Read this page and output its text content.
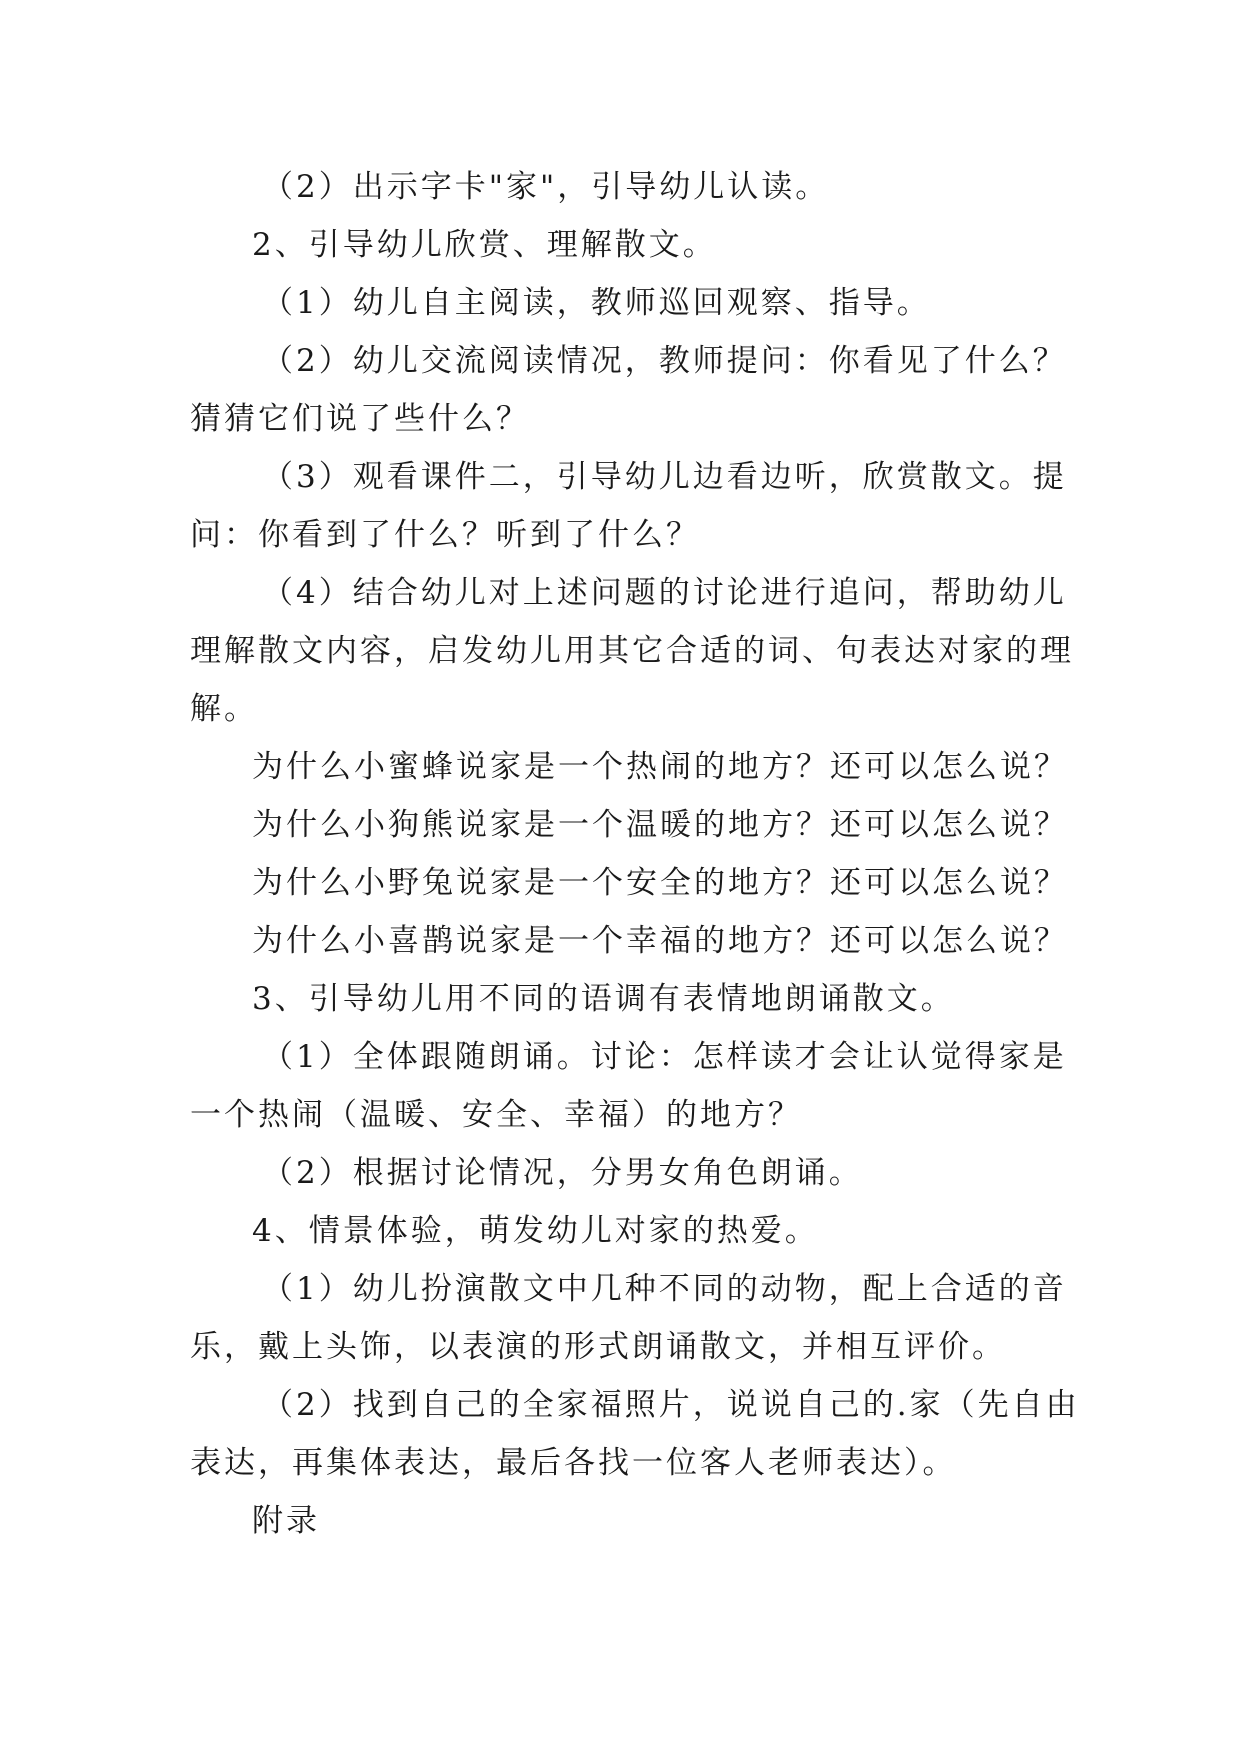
（2）出示字卡"家"，引导幼儿认读。
2、引导幼儿欣赏、理解散文。
（1）幼儿自主阅读，教师巡回观察、指导。
（2）幼儿交流阅读情况，教师提问：你看见了什么？
猜猜它们说了些什么？
（3）观看课件二，引导幼儿边看边听，欣赏散文。提
问：你看到了什么？听到了什么？
（4）结合幼儿对上述问题的讨论进行追问，帮助幼儿
理解散文内容，启发幼儿用其它合适的词、句表达对家的理
解。
为什么小蜜蜂说家是一个热闹的地方？还可以怎么说？
为什么小狗熊说家是一个温暖的地方？还可以怎么说？
为什么小野兔说家是一个安全的地方？还可以怎么说？
为什么小喜鹊说家是一个幸福的地方？还可以怎么说？
3、引导幼儿用不同的语调有表情地朗诵散文。
（1）全体跟随朗诵。讨论：怎样读才会让认觉得家是
一个热闹（温暖、安全、幸福）的地方？
（2）根据讨论情况，分男女角色朗诵。
4、情景体验，萌发幼儿对家的热爱。
（1）幼儿扮演散文中几种不同的动物，配上合适的音
乐，戴上头饰，以表演的形式朗诵散文，并相互评价。
（2）找到自己的全家福照片，说说自己的.家（先自由
表达，再集体表达，最后各找一位客人老师表达）。
附录
